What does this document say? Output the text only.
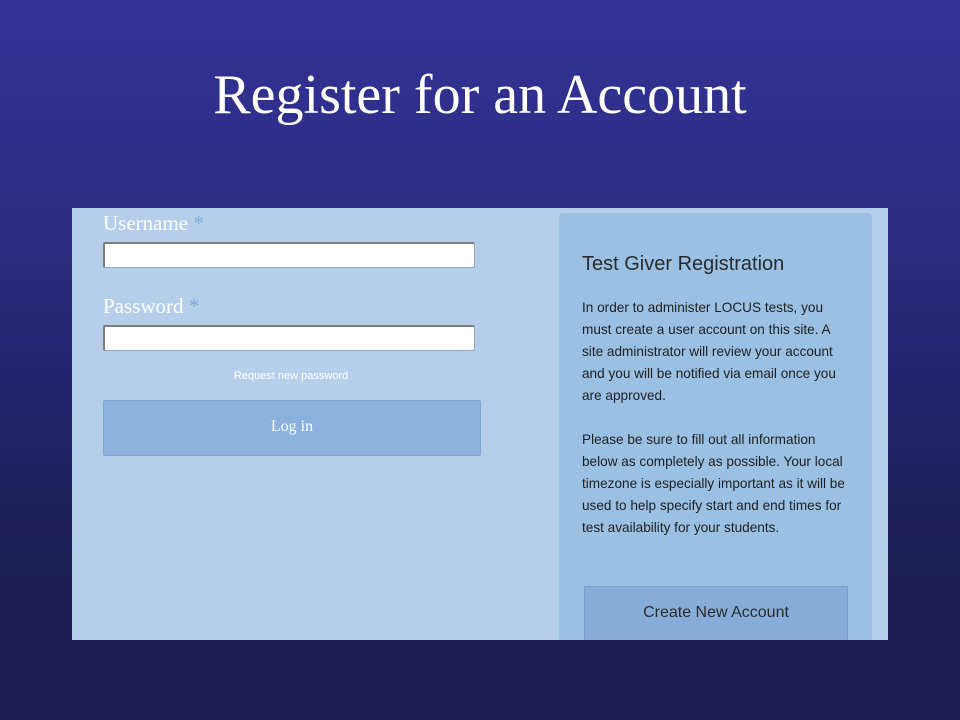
Register for an Account
Username *
Password *
Request new password
Log in
Test Giver Registration

In order to administer LOCUS tests, you must create a user account on this site. A site administrator will review your account and you will be notified via email once you are approved.

Please be sure to fill out all information below as completely as possible. Your local timezone is especially important as it will be used to help specify start and end times for test availability for your students.

Create New Account
